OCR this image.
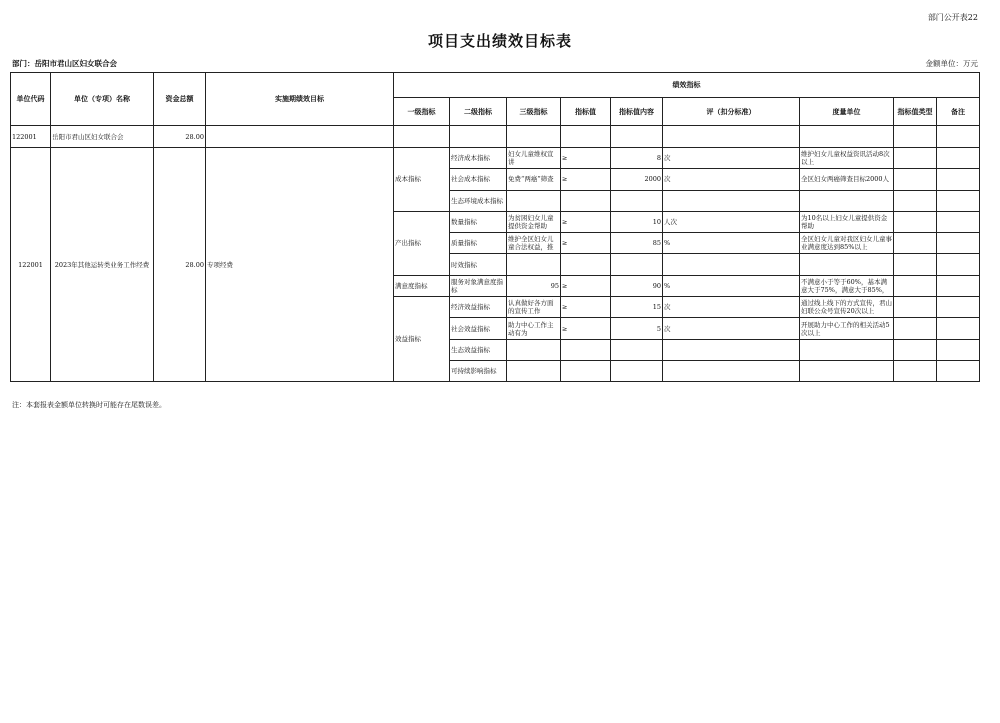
部门公开表22
项目支出绩效目标表
部门：岳阳市君山区妇女联合会	金额单位：万元
单位代码	单位（专项）名称	资金总额	实施期绩效目标	绩效指标								
				一级指标	二级指标	三级指标	指标值	指标值内容	评（扣分标准）	度量单位	指标值类型	备注
122001	岳阳市君山区妇女联合会	28.00										
122001	2023年其他运转类业务工作经费	28.00	专项经费	成本指标	经济成本指标	妇女儿童维权宣讲	≥	8	次	维护妇女儿童权益资讯活动8次以上		

					社会成本指标	免费“两癌”筛查	≥	2000	次	全区妇女两癌筛查目标2000人		

					生态环境成本指标	

				产出指标	数量指标	为贫困妇女儿童提供资金帮助	≥	10	人次	为10名以上妇女儿童提供资金帮助		

					质量指标	维护全区妇女儿童合法权益，推	≥	85	%	全区妇女儿童对我区妇女儿童事业满意度达到85%以上		

					时效指标	

				满意度指标	服务对象满意度指标	95	≥	90	%	不满意小于等于60%，基本满意大于75%，满意大于85%，		

				效益指标	经济效益指标	认真做好各方面的宣传工作	≥	15	次	通过线上线下的方式宣传，君山妇联公众号宣传20次以上		

					社会效益指标	助力中心工作主动有为	≥	5	次	开展助力中心工作的相关活动5次以上		

					生态效益指标	

					可持续影响指标	

注：本套报表金额单位转换时可能存在尾数误差。
